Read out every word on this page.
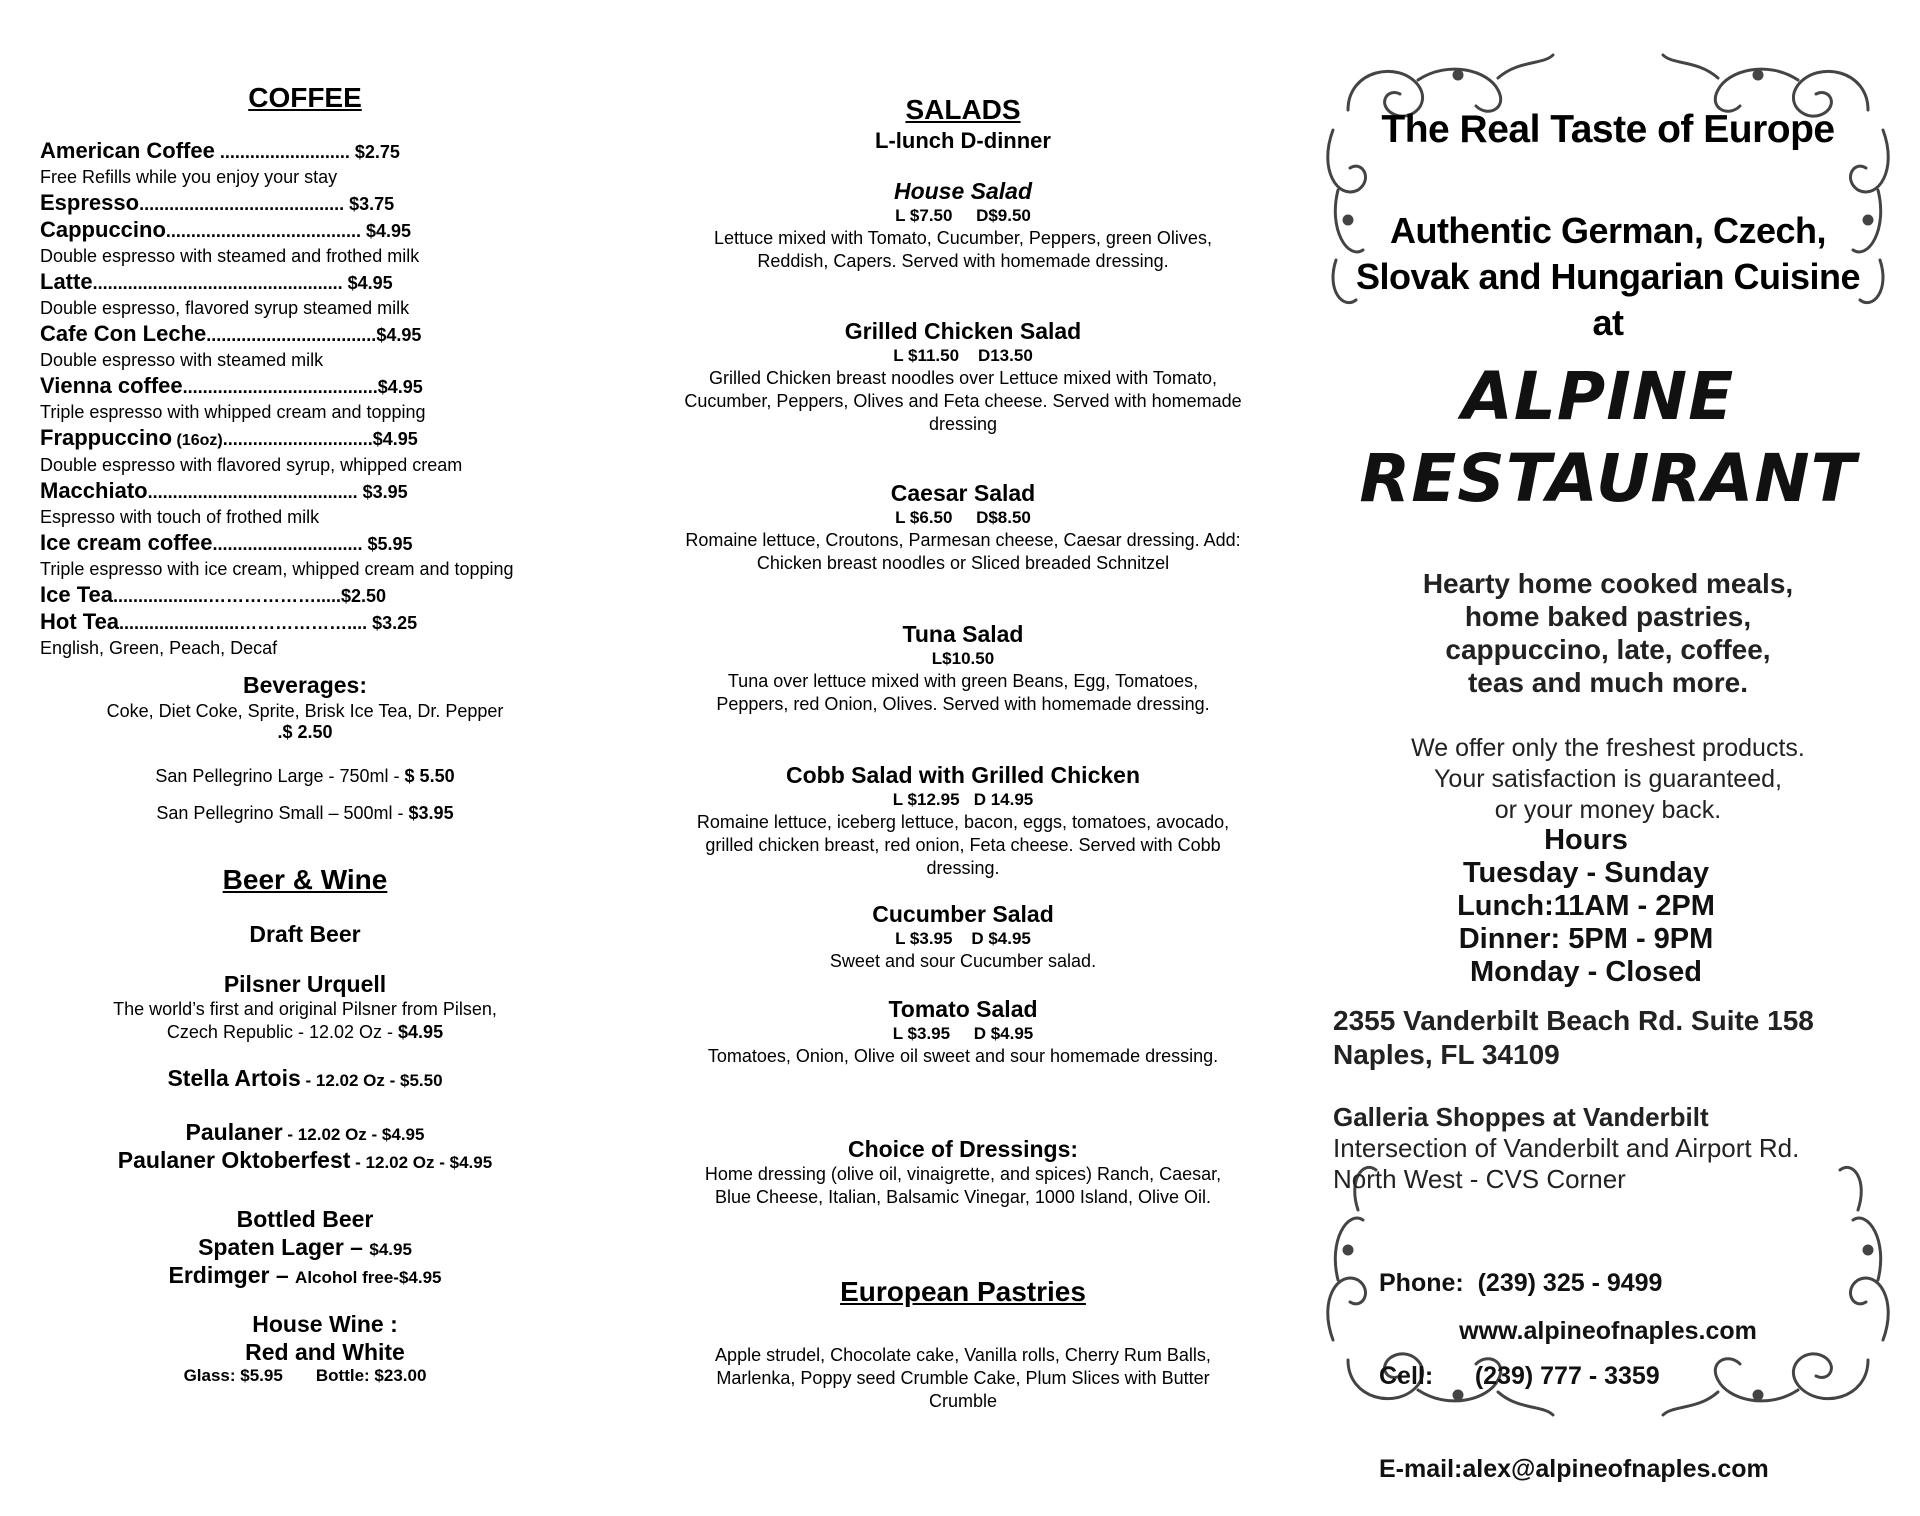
COFFEE
American Coffee .......................... $2.75
Free Refills while you enjoy your stay
Espresso......................................... $3.75
Cappuccino....................................... $4.95
Double espresso with steamed and frothed milk
Latte.................................................. $4.95
Double espresso, flavored syrup steamed milk
Cafe Con Leche..................................$4.95
Double espresso with steamed milk
Vienna coffee.......................................$4.95
Triple espresso with whipped cream and topping
Frappuccino (16oz)..............................$4.95
Double espresso with flavored syrup, whipped cream
Macchiato.......................................... $3.95
Espresso with touch of frothed milk
Ice cream coffee.............................. $5.95
Triple espresso with ice cream, whipped cream and topping
Ice Tea...................……………….....$2.50
Hot Tea........................……………….... $3.25
English, Green, Peach, Decaf
Beverages:
Coke, Diet Coke, Sprite, Brisk Ice Tea, Dr. Pepper
.$ 2.50
San Pellegrino Large - 750ml - $ 5.50
San Pellegrino Small – 500ml - $3.95
Beer & Wine
Draft Beer
Pilsner Urquell
The world’s first and original Pilsner from Pilsen,
Czech Republic - 12.02 Oz - $4.95
Stella Artois - 12.02 Oz - $5.50
Paulaner - 12.02 Oz - $4.95
Paulaner Oktoberfest - 12.02 Oz - $4.95
Bottled Beer
Spaten Lager – $4.95
Erdimger – Alcohol free-$4.95
House Wine :
Red and White
Glass: $5.95       Bottle: $23.00
SALADS
L-lunch D-dinner
House Salad
L $7.50     D$9.50
Lettuce mixed with Tomato, Cucumber, Peppers, green Olives, Reddish, Capers. Served with homemade dressing.
Grilled Chicken Salad
L $11.50    D13.50
Grilled Chicken breast noodles over Lettuce mixed with Tomato, Cucumber, Peppers, Olives and Feta cheese. Served with homemade dressing
Caesar Salad
L $6.50     D$8.50
Romaine lettuce, Croutons, Parmesan cheese, Caesar dressing. Add: Chicken breast noodles or Sliced breaded Schnitzel
Tuna Salad
L$10.50
Tuna over lettuce mixed with green Beans, Egg, Tomatoes, Peppers, red Onion, Olives. Served with homemade dressing.
Cobb Salad with Grilled Chicken
L $12.95   D 14.95
Romaine lettuce, iceberg lettuce, bacon, eggs, tomatoes, avocado, grilled chicken breast, red onion, Feta cheese. Served with Cobb dressing.
Cucumber Salad
L $3.95    D $4.95
Sweet and sour Cucumber salad.
Tomato Salad
L $3.95     D $4.95
Tomatoes, Onion, Olive oil sweet and sour homemade dressing.
Choice of Dressings:
Home dressing (olive oil, vinaigrette, and spices) Ranch, Caesar, Blue Cheese, Italian, Balsamic Vinegar, 1000 Island, Olive Oil.
European Pastries
Apple strudel, Chocolate cake, Vanilla rolls, Cherry Rum Balls, Marlenka, Poppy seed Crumble Cake, Plum Slices with Butter Crumble
The Real Taste of Europe
Authentic German, Czech,
Slovak and Hungarian Cuisine
at
ALPINE
RESTAURANT
Hearty home cooked meals,
home baked pastries,
cappuccino, late, coffee,
teas and much more.
We offer only the freshest products.
Your satisfaction is guaranteed,
or your money back.
Hours
Tuesday - Sunday
Lunch:11AM - 2PM
Dinner: 5PM - 9PM
Monday - Closed
2355 Vanderbilt Beach Rd. Suite 158
Naples, FL 34109
Galleria Shoppes at Vanderbilt
Intersection of Vanderbilt and Airport Rd.
North West - CVS Corner

Phone:  (239) 325 - 9499

Cell:      (239) 777 - 3359

E-mail:alex@alpineofnaples.com

www.alpineofnaples.com
